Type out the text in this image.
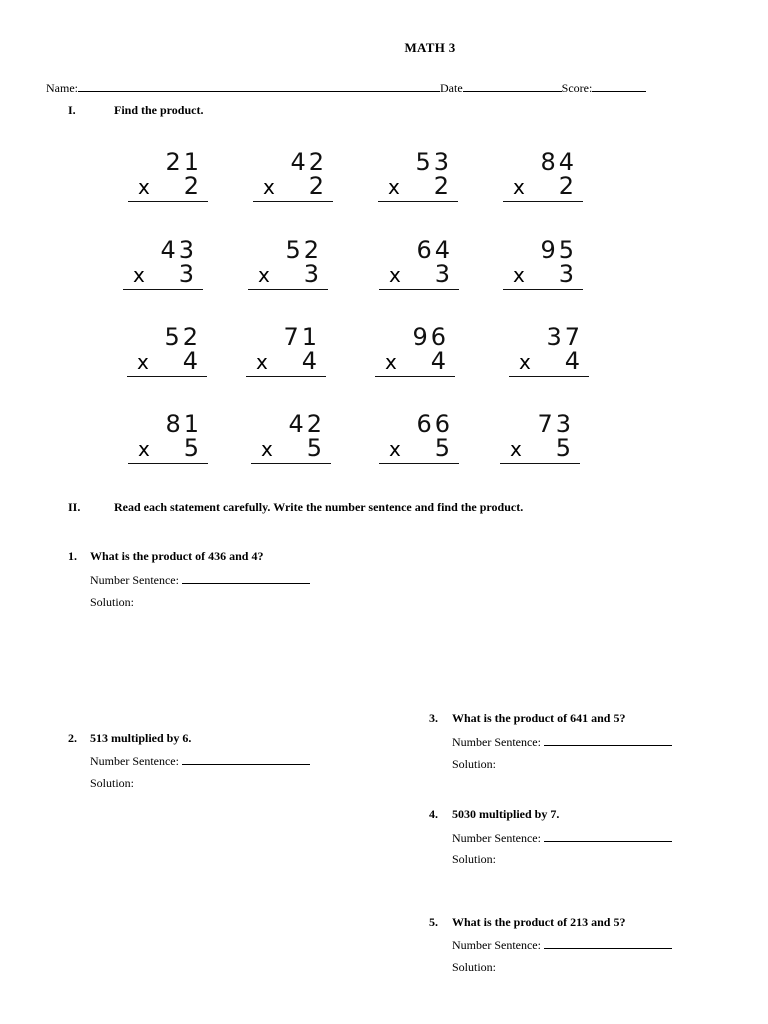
MATH 3
Name:	Date	Score:
I.	Find the product.
21
x 2
42
x 2
53
x 2
84
x 2
43
x 3
52
x 3
64
x 3
95
x 3
52
x 4
71
x 4
96
x 4
37
x 4
81
x 5
42
x 5
66
x 5
73
x 5
II.	Read each statement carefully. Write the number sentence and find the product.
1. What is the product of 436 and 4?
Number Sentence:
Solution:
2. 513 multiplied by 6.
Number Sentence:
Solution:
3. What is the product of 641 and 5?
Number Sentence:
Solution:
4. 5030 multiplied by 7.
Number Sentence:
Solution:
5. What is the product of 213 and 5?
Number Sentence:
Solution:
